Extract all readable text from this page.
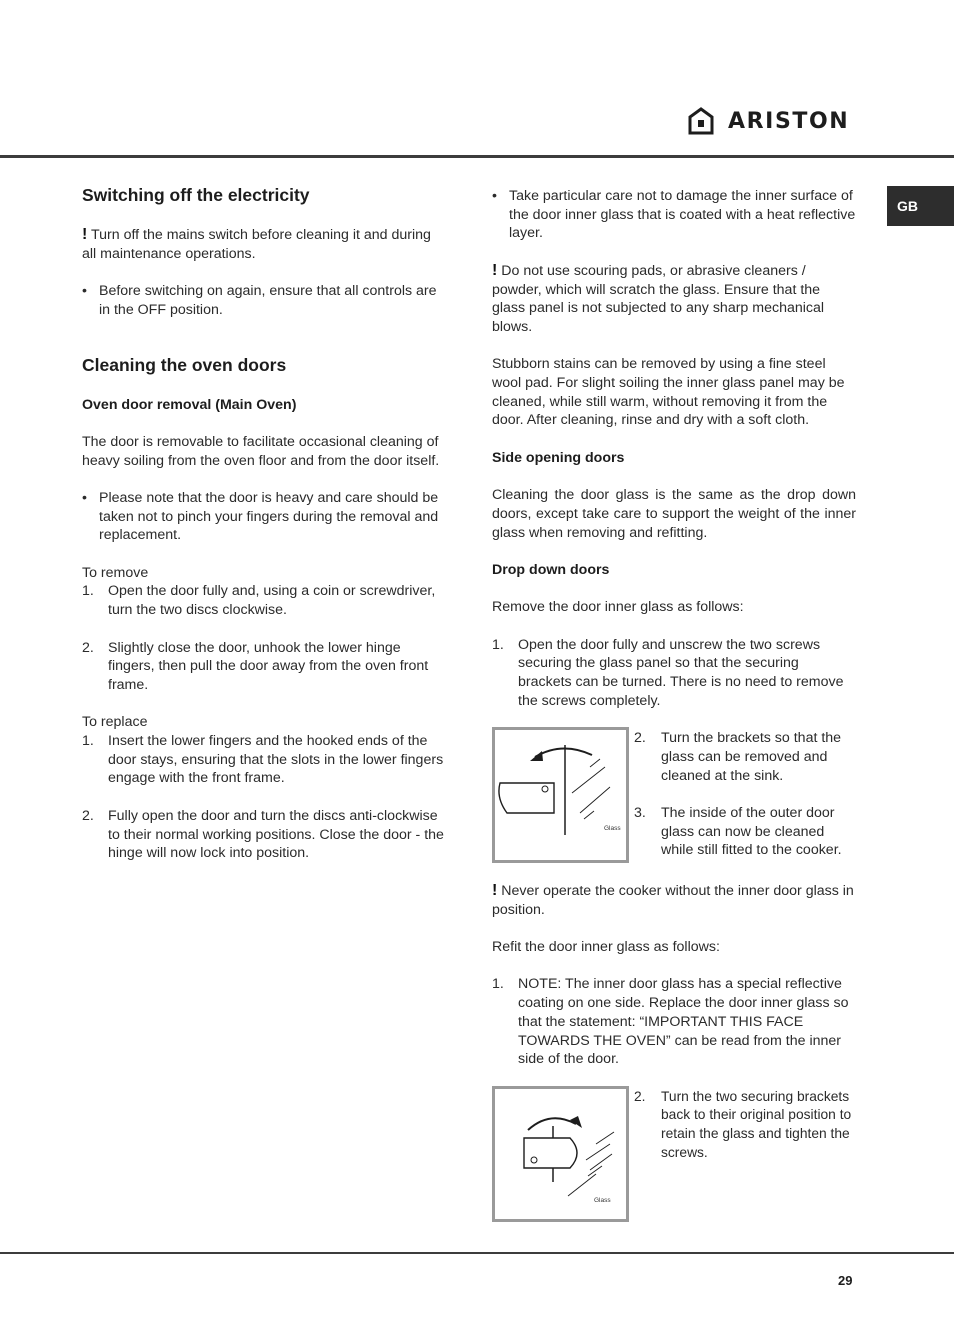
ARISTON
GB
Switching off the electricity

! Turn off the mains switch before cleaning it and during all maintenance operations.

• Before switching on again, ensure that all controls are in the OFF position.
Cleaning the oven doors
Oven door removal (Main Oven)

The door is removable to facilitate occasional cleaning of heavy soiling from the oven floor and from the door itself.

• Please note that the door is heavy and care should be taken not to pinch your fingers during the removal and replacement.
To remove
1. Open the door fully and, using a coin or screwdriver, turn the two discs clockwise.
2. Slightly close the door, unhook the lower hinge fingers, then pull the door away from the oven front frame.
To replace
1. Insert the lower fingers and the hooked ends of the door stays, ensuring that the slots in the lower fingers engage with the front frame.
2. Fully open the door and turn the discs anti-clockwise to their normal working positions. Close the door - the hinge will now lock into position.
• Take particular care not to damage the inner surface of the door inner glass that is coated with a heat reflective layer.

! Do not use scouring pads, or abrasive cleaners / powder, which will scratch the glass. Ensure that the glass panel is not subjected to any sharp mechanical blows.

Stubborn stains can be removed by using a fine steel wool pad. For slight soiling the inner glass panel may be cleaned, while still warm, without removing it from the door. After cleaning, rinse and dry with a soft cloth.

Side opening doors

Cleaning the door glass is the same as the drop down doors, except take care to support the weight of the inner glass when removing and refitting.

Drop down doors

Remove the door inner glass as follows:

1. Open the door fully and unscrew the two screws securing the glass panel so that the securing brackets can be turned. There is no need to remove the screws completely.
Glass
2.	Turn the brackets so that the glass can be removed and cleaned at the sink.
3.	The inside of the outer door glass can now be cleaned while still fitted to the cooker.

! Never operate the cooker without the inner door glass in position.

Refit the door inner glass as follows:

1. NOTE: The inner door glass has a special reflective coating on one side. Replace the door inner glass so that the statement: “IMPORTANT THIS FACE TOWARDS THE OVEN” can be read from the inner side of the door.
Glass
2.	Turn the two securing brackets back to their original position to retain the glass and tighten the screws.
29
